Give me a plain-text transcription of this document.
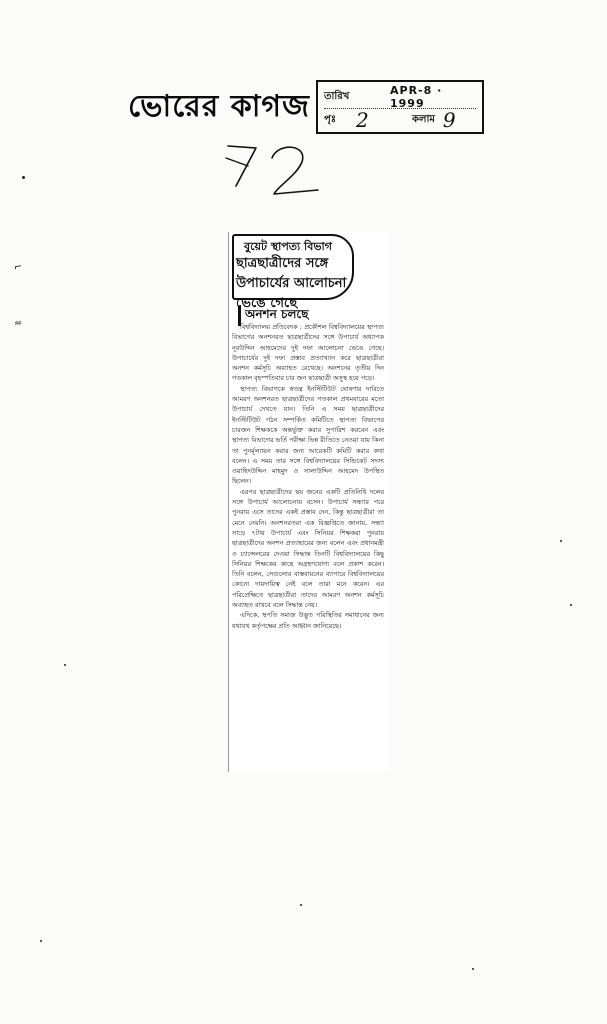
ভোরের কাগজ তারিখ	APR-8 · 1999
পৃঃ 2	কলাম 9
বুয়েট স্থাপত্য বিভাগ
ছাত্রছাত্রীদের সঙ্গে উপাচার্যের আলোচনা ভেঙে গেছে
অনশন চলছে

বিশ্ববিদ্যালয় প্রতিবেদক : প্রকৌশল বিশ্ববিদ্যালয়ের স্থাপত্য বিভাগের অনশনরত ছাত্রছাত্রীদের সঙ্গে উপাচার্য অধ্যাপক নূরউদ্দিন আহমেদের দুই দফা আলোচনা ভেঙে গেছে। উপাচার্যের দুই দফা প্রস্তাব প্রত্যাখ্যান করে ছাত্রছাত্রীরা অনশন কর্মসূচি অব্যাহত রেখেছে। অনশনের তৃতীয় দিন গতকাল বৃহস্পতিবার চার জন ছাত্রছাত্রী অসুস্থ হয়ে পড়ে।

স্থাপত্য বিভাগকে স্বতন্ত্র ইনস্টিটিউট ঘোষণার দাবিতে আমরণ অনশনরত ছাত্রছাত্রীদের গতকাল প্রথমবারের মতো উপাচার্য দেখতে যান। তিনি এ সময় ছাত্রছাত্রীদের ইনস্টিটিউট গঠন সম্পর্কিত কমিটিতে স্থাপত্য বিভাগের চারজন শিক্ষককে অন্তর্ভুক্ত করার সুপারিশ করবেন এবং স্থাপত্য বিভাগের ভর্তি পরীক্ষা ভিন্ন রীতিতে নেওয়া যায় কিনা তা পুনর্মূল্যায়ন করার জন্য আরেকটি কমিটি করার কথা বলেন। এ সময় তার সঙ্গে বিশ্ববিদ্যালয়ের সিন্ডিকেট সদস্য ওয়াহিদউদ্দিন মাহমুদ ও সালাউদ্দিন আহমেদ উপস্থিত ছিলেন।

এরপর ছাত্রছাত্রীদের ছয় জনের একটি প্রতিনিধি দলের সঙ্গে উপাচার্য আলোচনায় বসেন। উপাচার্য সন্ধ্যার পরে পুনরায় এসে তাদের একই প্রস্তাব দেন, কিন্তু ছাত্রছাত্রীরা তা মেনে নেয়নি। অনশনরতরা এক বিজ্ঞপ্তিতে জানায়, সন্ধ্যা সাড়ে ৭টায় উপাচার্য এবং সিনিয়র শিক্ষকরা পুনরায় ছাত্রছাত্রীদের অনশন প্রত্যাহারের জন্য বলেন এবং প্রধানমন্ত্রী ও চ্যান্সেলরের দেওয়া সিদ্ধান্ত তিনটি বিশ্ববিদ্যালয়ের কিছু সিনিয়র শিক্ষকের কাছে অগ্রহণযোগ্য বলে প্রকাশ করেন। তিনি বলেন, সেগুলোর বাস্তবায়নের ব্যাপারে বিশ্ববিদ্যালয়ের কোনো দায়দায়িত্ব নেই বলে তারা মনে করেন। এর পরিপ্রেক্ষিতে ছাত্রছাত্রীরা তাদের আমরণ অনশন কর্মসূচি অব্যাহত রাখবে বলে সিদ্ধান্ত নেয়।

এদিকে, স্থপতি সমাজ উদ্ভূত পরিস্থিতির সমাধানের জন্য যথাযথ কর্তৃপক্ষের প্রতি আহ্বান জানিয়েছে।

⌐
≈
